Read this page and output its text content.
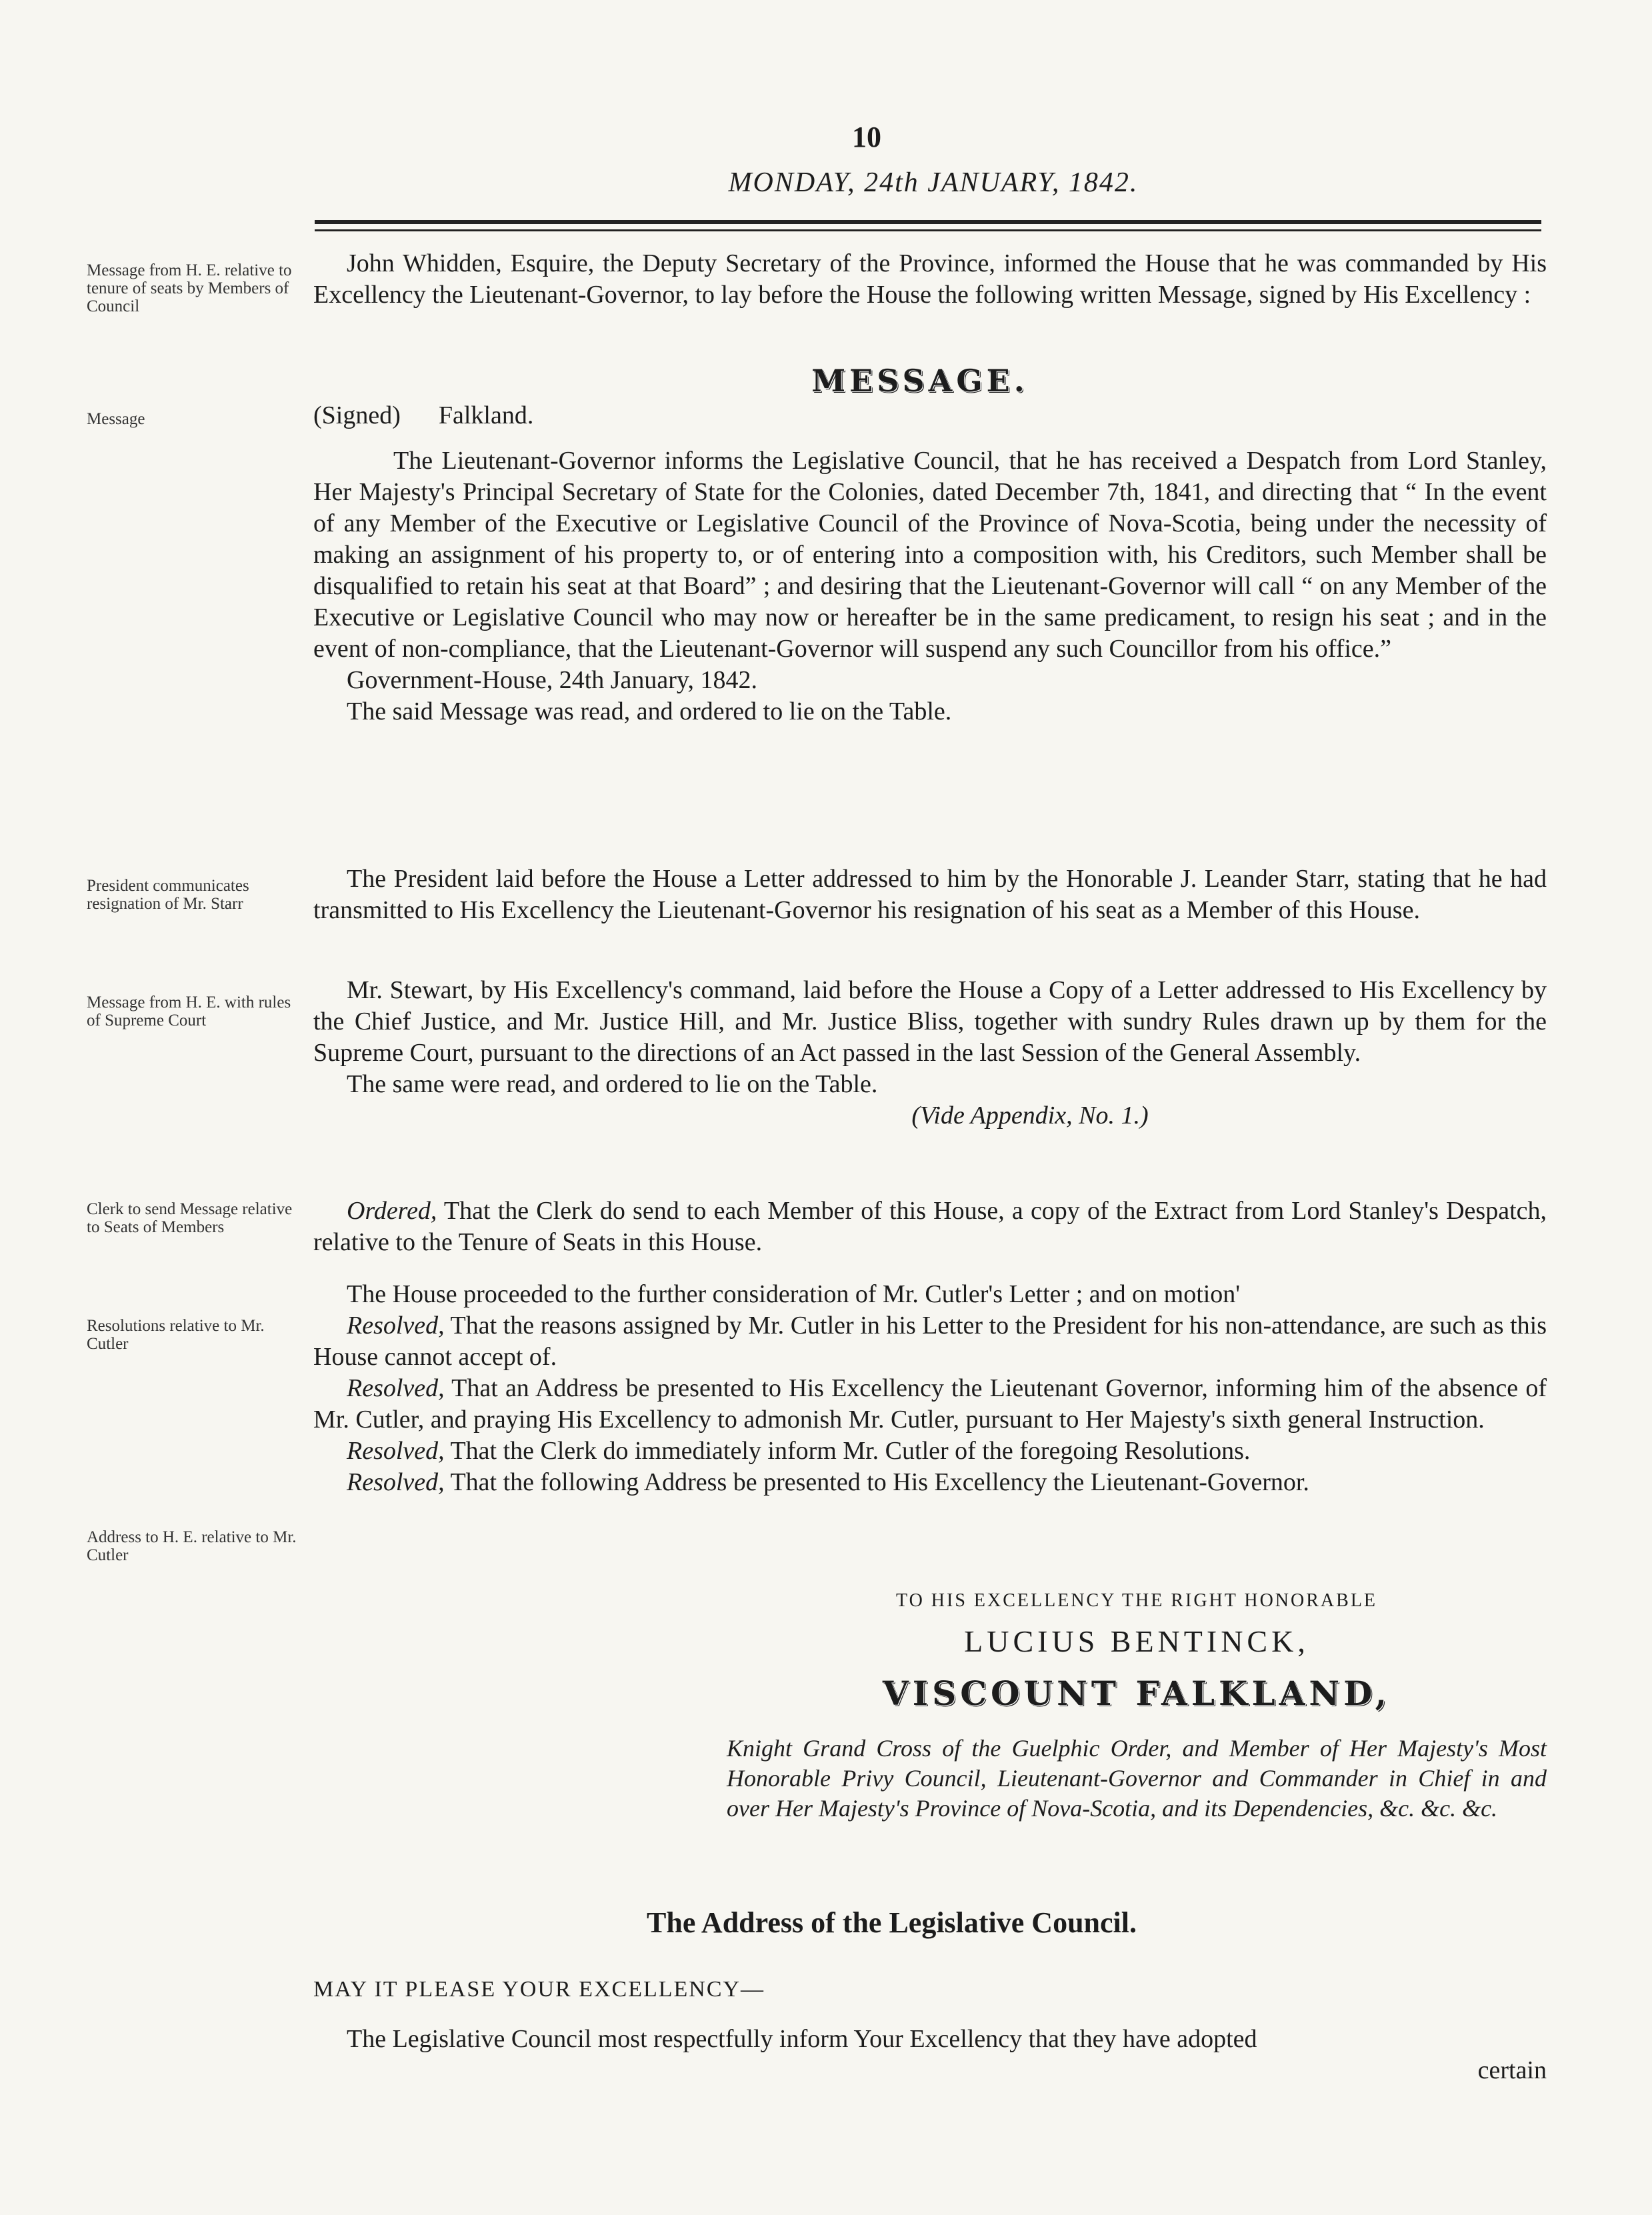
10
MONDAY, 24th JANUARY, 1842.
Message from H. E. relative to tenure of seats by Members of Council
Message
President communicates resignation of Mr. Starr
Message from H. E. with rules of Supreme Court
Clerk to send Message relative to Seats of Members
Resolutions relative to Mr. Cutler
Address to H. E. relative to Mr. Cutler

John Whidden, Esquire, the Deputy Secretary of the Province, informed the House that he was commanded by His Excellency the Lieutenant-Governor, to lay before the House the following written Message, signed by His Excellency :

MESSAGE.
(Signed)      Falkland.

The Lieutenant-Governor informs the Legislative Council, that he has received a Despatch from Lord Stanley, Her Majesty's Principal Secretary of State for the Colonies, dated December 7th, 1841, and directing that “ In the event of any Member of the Executive or Legislative Council of the Province of Nova-Scotia, being under the necessity of making an assignment of his property to, or of entering into a composition with, his Creditors, such Member shall be disqualified to retain his seat at that Board” ; and desiring that the Lieutenant-Governor will call “ on any Member of the Executive or Legislative Council who may now or hereafter be in the same predicament, to resign his seat ; and in the event of non-compliance, that the Lieutenant-Governor will suspend any such Councillor from his office.”

Government-House, 24th January, 1842.

The said Message was read, and ordered to lie on the Table.

The President laid before the House a Letter addressed to him by the Honorable J. Leander Starr, stating that he had transmitted to His Excellency the Lieutenant-Governor his resignation of his seat as a Member of this House.

Mr. Stewart, by His Excellency's command, laid before the House a Copy of a Letter addressed to His Excellency by the Chief Justice, and Mr. Justice Hill, and Mr. Justice Bliss, together with sundry Rules drawn up by them for the Supreme Court, pursuant to the directions of an Act passed in the last Session of the General Assembly.

The same were read, and ordered to lie on the Table.

(Vide Appendix, No. 1.)

Ordered, That the Clerk do send to each Member of this House, a copy of the Extract from Lord Stanley's Despatch, relative to the Tenure of Seats in this House.

The House proceeded to the further consideration of Mr. Cutler's Letter ; and on motion'

Resolved, That the reasons assigned by Mr. Cutler in his Letter to the President for his non-attendance, are such as this House cannot accept of.

Resolved, That an Address be presented to His Excellency the Lieutenant Governor, informing him of the absence of Mr. Cutler, and praying His Excellency to admonish Mr. Cutler, pursuant to Her Majesty's sixth general Instruction.

Resolved, That the Clerk do immediately inform Mr. Cutler of the foregoing Resolutions.

Resolved, That the following Address be presented to His Excellency the Lieutenant-Governor.

TO HIS EXCELLENCY THE RIGHT HONORABLE
LUCIUS BENTINCK,
VISCOUNT FALKLAND,
Knight Grand Cross of the Guelphic Order, and Member of Her Majesty's Most Honorable Privy Council, Lieutenant-Governor and Commander in Chief in and over Her Majesty's Province of Nova-Scotia, and its Dependencies, &c. &c. &c.
The Address of the Legislative Council.
MAY IT PLEASE YOUR EXCELLENCY—

The Legislative Council most respectfully inform Your Excellency that they have adopted

certain
